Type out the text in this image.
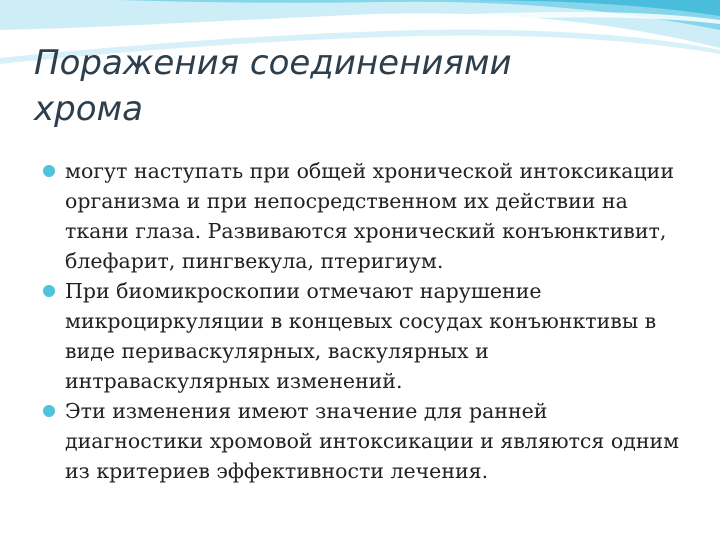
Поражения соединениями
хрома
могут наступать при общей хронической интоксикации организма и при непосредственном их действии на ткани глаза. Развиваются хронический конъюнктивит, блефарит, пингвекула, птеригиум.
При биомикроскопии отмечают нарушение микроциркуляции в концевых сосудах конъюнктивы в виде периваскулярных, васкулярных и интраваскулярных изменений.
Эти изменения имеют значение для ранней диагностики хромовой интоксикации и являются одним из критериев эффективности лечения.
